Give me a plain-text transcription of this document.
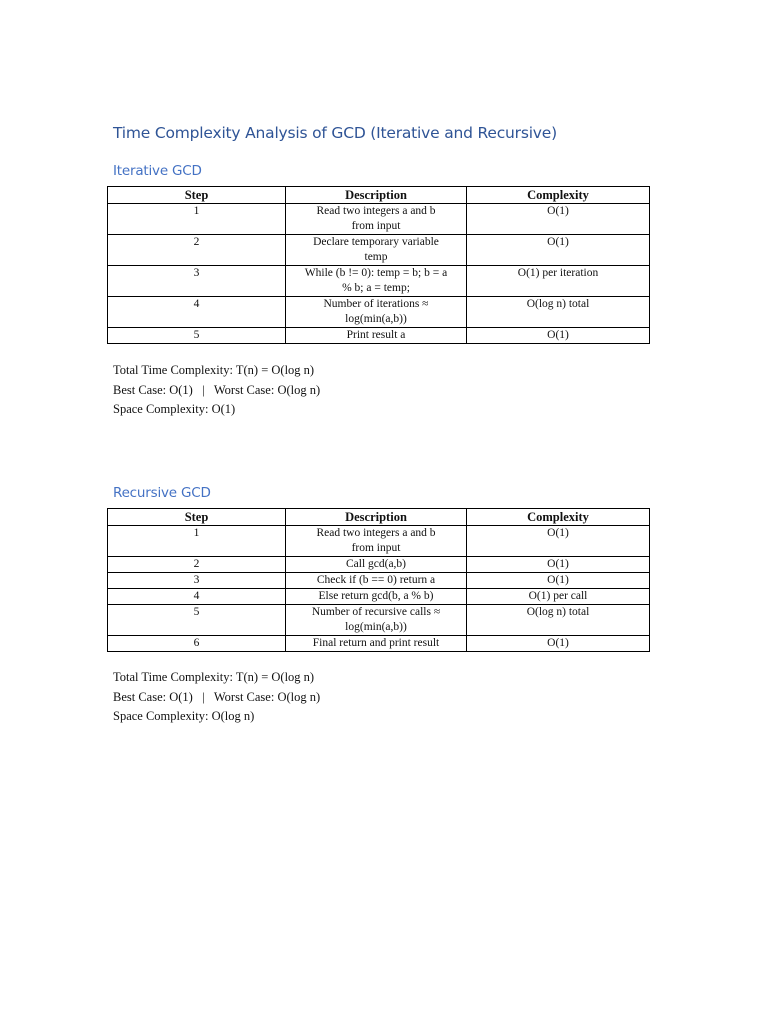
Time Complexity Analysis of GCD (Iterative and Recursive)
Iterative GCD
Step	Description	Complexity
1	Read two integers a and b from input	O(1)
2	Declare temporary variable temp	O(1)
3	While (b != 0): temp = b; b = a % b; a = temp;	O(1) per iteration
4	Number of iterations ≈ log(min(a,b))	O(log n) total
5	Print result a	O(1)
Total Time Complexity: T(n) = O(log n)
Best Case: O(1)   |   Worst Case: O(log n)
Space Complexity: O(1)
Recursive GCD
Step	Description	Complexity
1	Read two integers a and b from input	O(1)
2	Call gcd(a,b)	O(1)
3	Check if (b == 0) return a	O(1)
4	Else return gcd(b, a % b)	O(1) per call
5	Number of recursive calls ≈ log(min(a,b))	O(log n) total
6	Final return and print result	O(1)
Total Time Complexity: T(n) = O(log n)
Best Case: O(1)   |   Worst Case: O(log n)
Space Complexity: O(log n)
